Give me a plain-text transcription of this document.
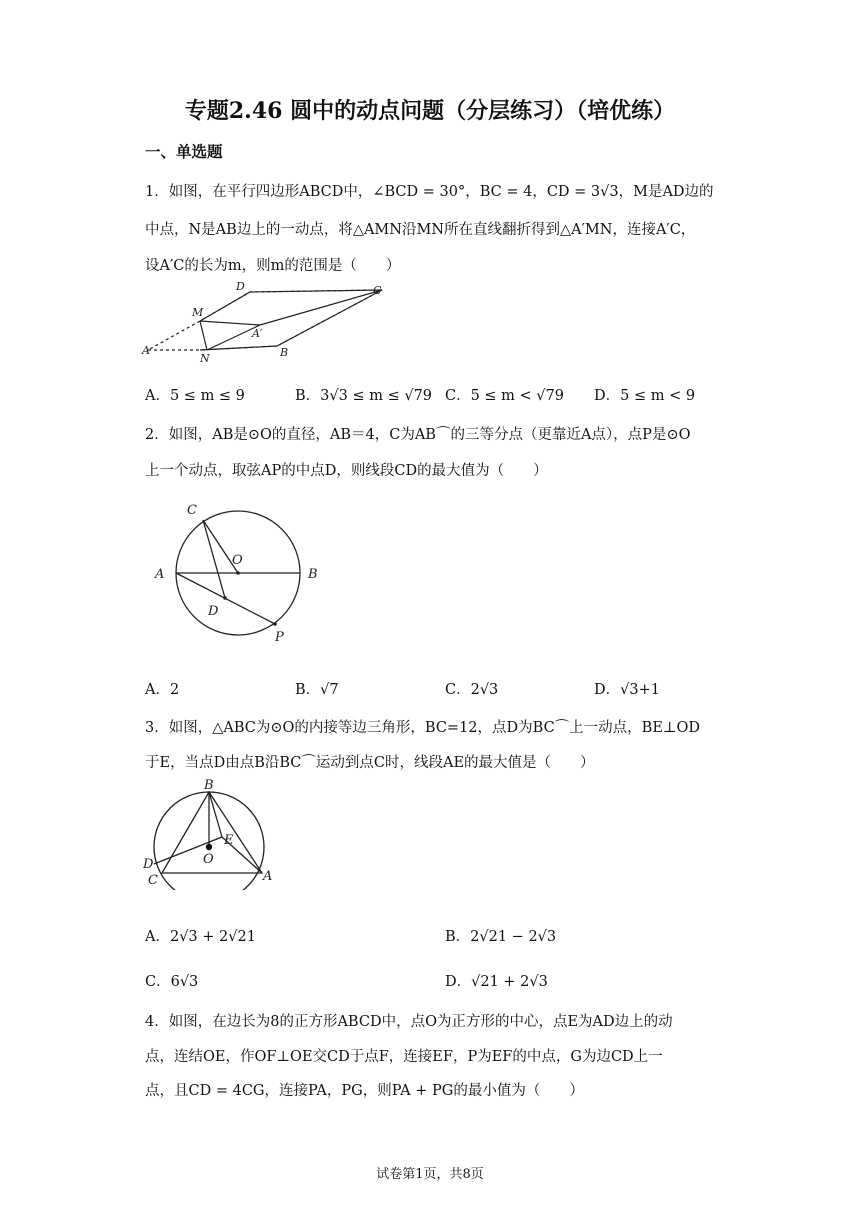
专题2.46 圆中的动点问题（分层练习）（培优练）
一、单选题
1．如图，在平行四边形ABCD中，∠BCD = 30°，BC = 4，CD = 3√3，M是AD边的
中点，N是AB边上的一动点，将△AMN沿MN所在直线翻折得到△A′MN，连接A′C，
设A′C的长为m，则m的范围是（　　）
D	C
M
A′
A
N	B
A．5 ≤ m ≤ 9	B．3√3 ≤ m ≤ √79 C．5 ≤ m < √79 D．5 ≤ m < 9
2．如图，AB是⊙O的直径，AB＝4，C为AB⌒的三等分点（更靠近A点），点P是⊙O
上一个动点，取弦AP的中点D，则线段CD的最大值为（　　）
C
O
A	B
D
P
A．2	B．√7	C．2√3	D．√3+1
3．如图，△ABC为⊙O的内接等边三角形，BC=12，点D为BC⌒上一动点，BE⊥OD
于E，当点D由点B沿BC⌒运动到点C时，线段AE的最大值是（　　）
B
E
D	O
C	A
A．2√3 + 2√21	B．2√21 − 2√3
C．6√3	D．√21 + 2√3
4．如图，在边长为8的正方形ABCD中，点O为正方形的中心，点E为AD边上的动
点，连结OE，作OF⊥OE交CD于点F，连接EF，P为EF的中点，G为边CD上一
点，且CD = 4CG，连接PA，PG，则PA + PG的最小值为（　　）
试卷第1页，共8页
